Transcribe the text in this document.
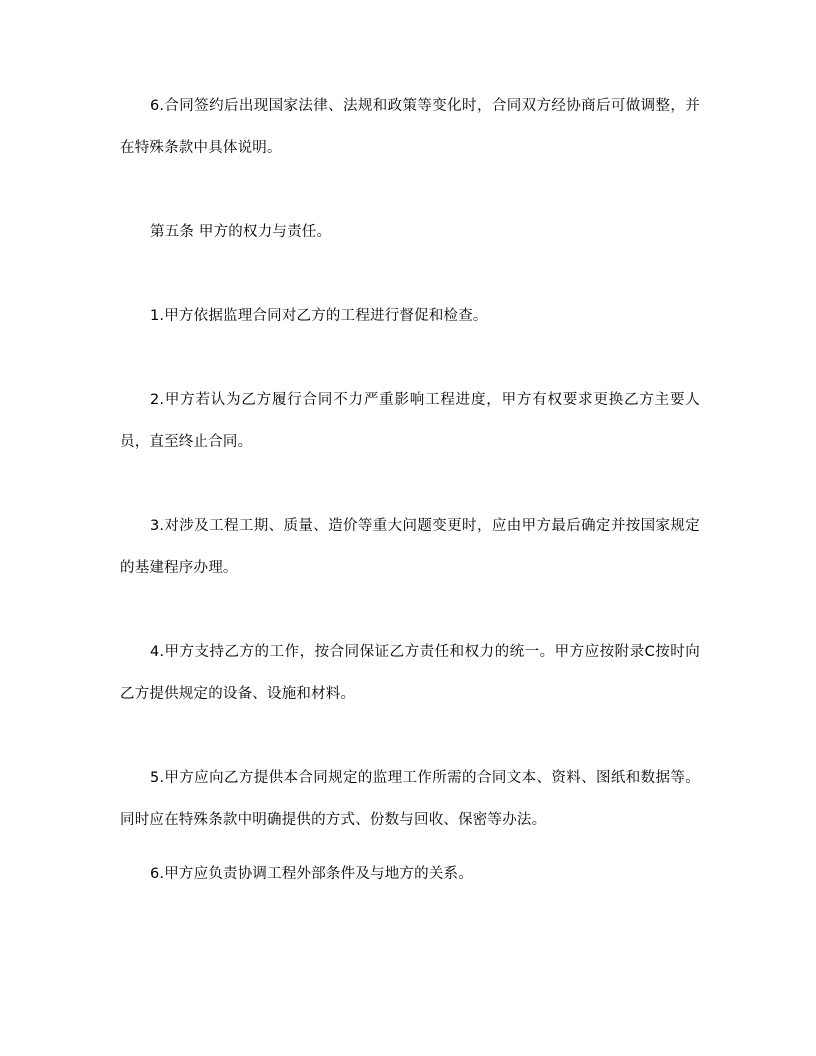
6.合同签约后出现国家法律、法规和政策等变化时，合同双方经协商后可做调整，并在特殊条款中具体说明。

第五条 甲方的权力与责任。

1.甲方依据监理合同对乙方的工程进行督促和检查。

2.甲方若认为乙方履行合同不力严重影响工程进度，甲方有权要求更换乙方主要人员，直至终止合同。

3.对涉及工程工期、质量、造价等重大问题变更时，应由甲方最后确定并按国家规定的基建程序办理。

4.甲方支持乙方的工作，按合同保证乙方责任和权力的统一。甲方应按附录C按时向乙方提供规定的设备、设施和材料。

5.甲方应向乙方提供本合同规定的监理工作所需的合同文本、资料、图纸和数据等。同时应在特殊条款中明确提供的方式、份数与回收、保密等办法。

6.甲方应负责协调工程外部条件及与地方的关系。
